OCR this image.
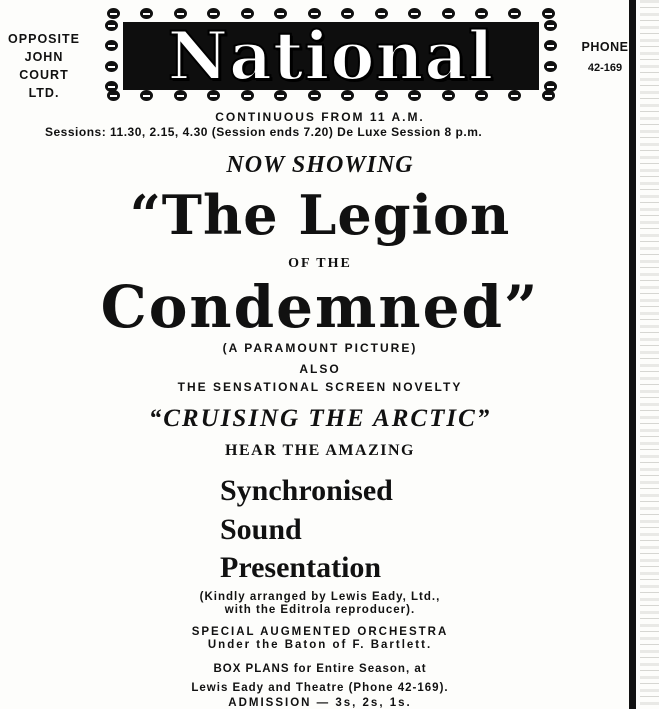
OPPOSITE
JOHN
COURT
LTD.	National	PHONE
42-169
CONTINUOUS FROM 11 A.M.
Sessions: 11.30, 2.15, 4.30 (Session ends 7.20) De Luxe Session 8 p.m.
NOW SHOWING
“The Legion
OF THE
Condemned”
(A PARAMOUNT PICTURE)
ALSO
THE SENSATIONAL SCREEN NOVELTY
“CRUISING THE ARCTIC”
HEAR THE AMAZING
Synchronised
Sound
Presentation
(Kindly arranged by Lewis Eady, Ltd.,
with the Editrola reproducer).
SPECIAL AUGMENTED ORCHESTRA
Under the Baton of F. Bartlett.
BOX PLANS for Entire Season, at
Lewis Eady and Theatre (Phone 42-169).
ADMISSION — 3s, 2s, 1s.
